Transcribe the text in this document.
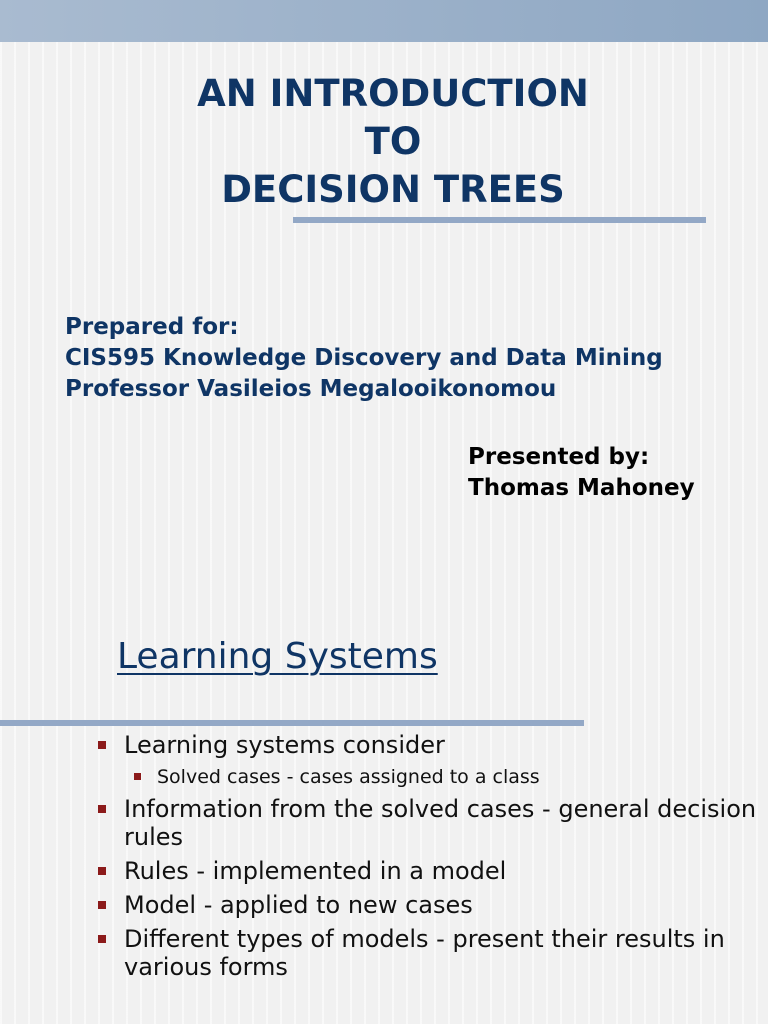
AN INTRODUCTION
TO
DECISION TREES
Prepared for:
CIS595 Knowledge Discovery and Data Mining
Professor Vasileios Megalooikonomou
Presented by:
Thomas Mahoney
Learning Systems
Learning systems consider
Solved cases - cases assigned to a class
Information from the solved cases - general decision rules
Rules - implemented in a model
Model - applied to new cases
Different types of models - present their results in various forms
